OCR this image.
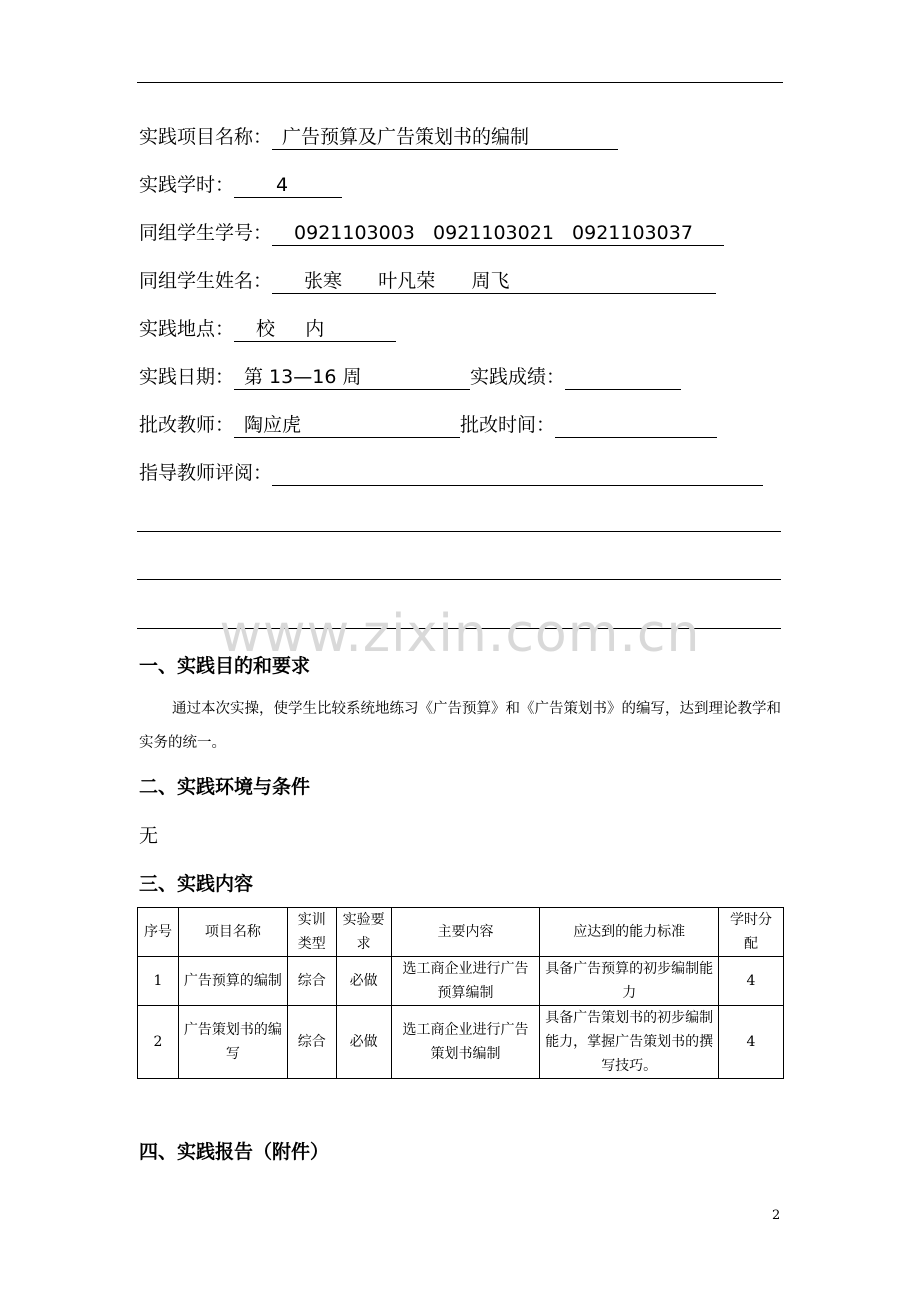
实践项目名称： 广告预算及广告策划书的编制
实践学时： 4
同组学生学号： 0921103003   0921103021   0921103037
同组学生姓名： 张寒      叶凡荣      周飞
实践地点： 校     内
实践日期： 第 13—16 周	实践成绩：
批改教师： 陶应虎	批改时间：
指导教师评阅：
www.zixin.com.cn
一、实践目的和要求
通过本次实操，使学生比较系统地练习《广告预算》和《广告策划书》的编写，达到理论教学和实务的统一。
二、实践环境与条件
无
三、实践内容
序号	项目名称	实训类型	实验要求	主要内容	应达到的能力标准	学时分配
1	广告预算的编制	综合	必做	选工商企业进行广告预算编制	具备广告预算的初步编制能力	4
2	广告策划书的编写	综合	必做	选工商企业进行广告策划书编制	具备广告策划书的初步编制能力，掌握广告策划书的撰写技巧。	4
四、实践报告（附件）
2
